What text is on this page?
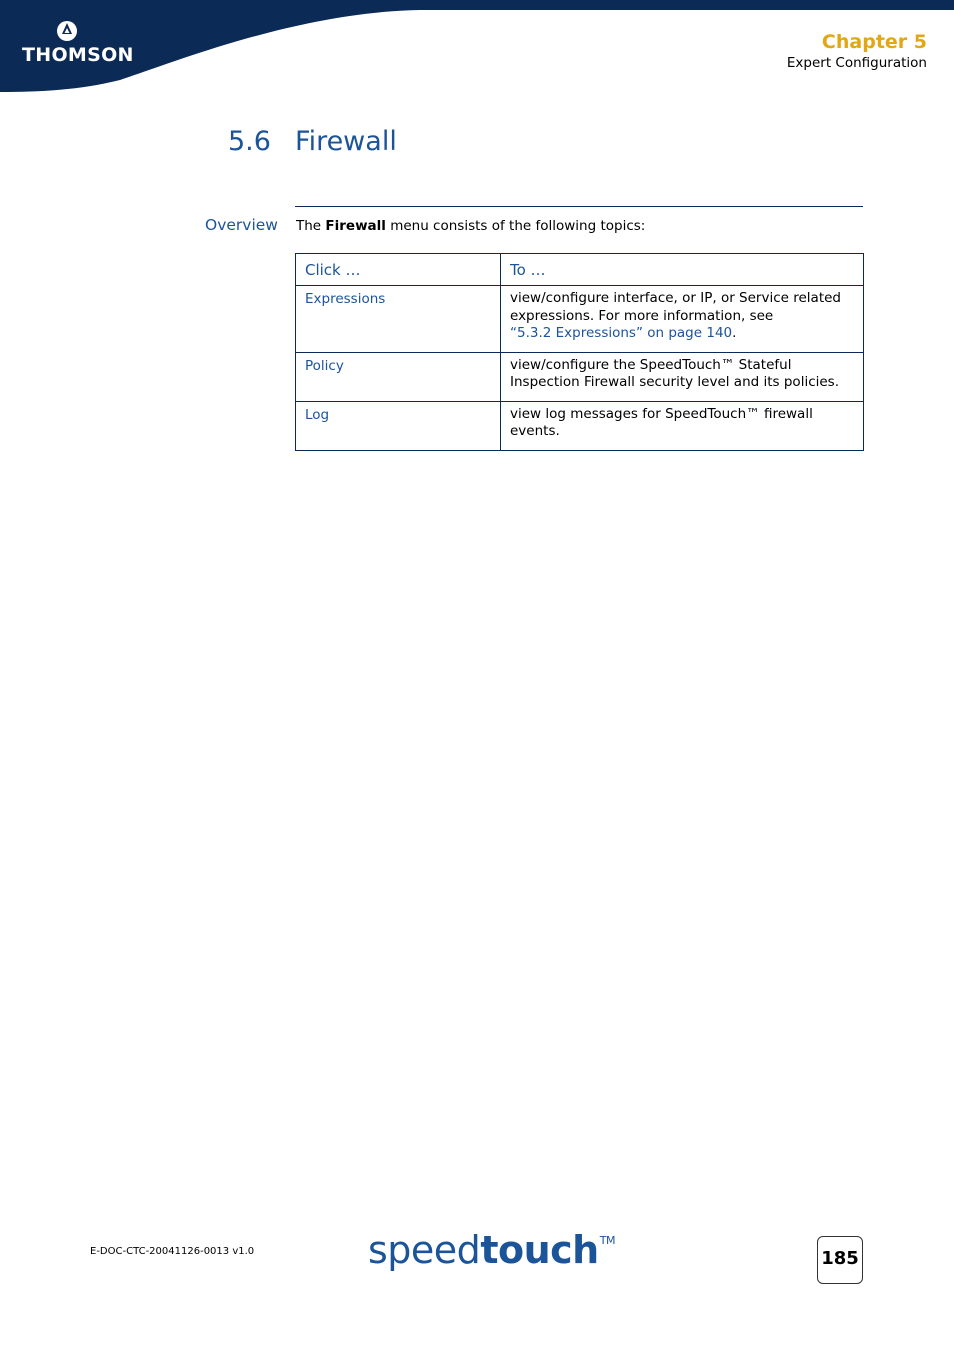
THOMSON
Chapter 5
Expert Configuration
5.6 Firewall
Overview The Firewall menu consists of the following topics:
Click …	To …
Expressions	view/configure interface, or IP, or Service related expressions. For more information, see
“5.3.2 Expressions” on page 140.
Policy	view/configure the SpeedTouch™ Stateful Inspection Firewall security level and its policies.
Log	view log messages for SpeedTouch™ firewall events.
E-DOC-CTC-20041126-0013 v1.0	speedtouch™
185
